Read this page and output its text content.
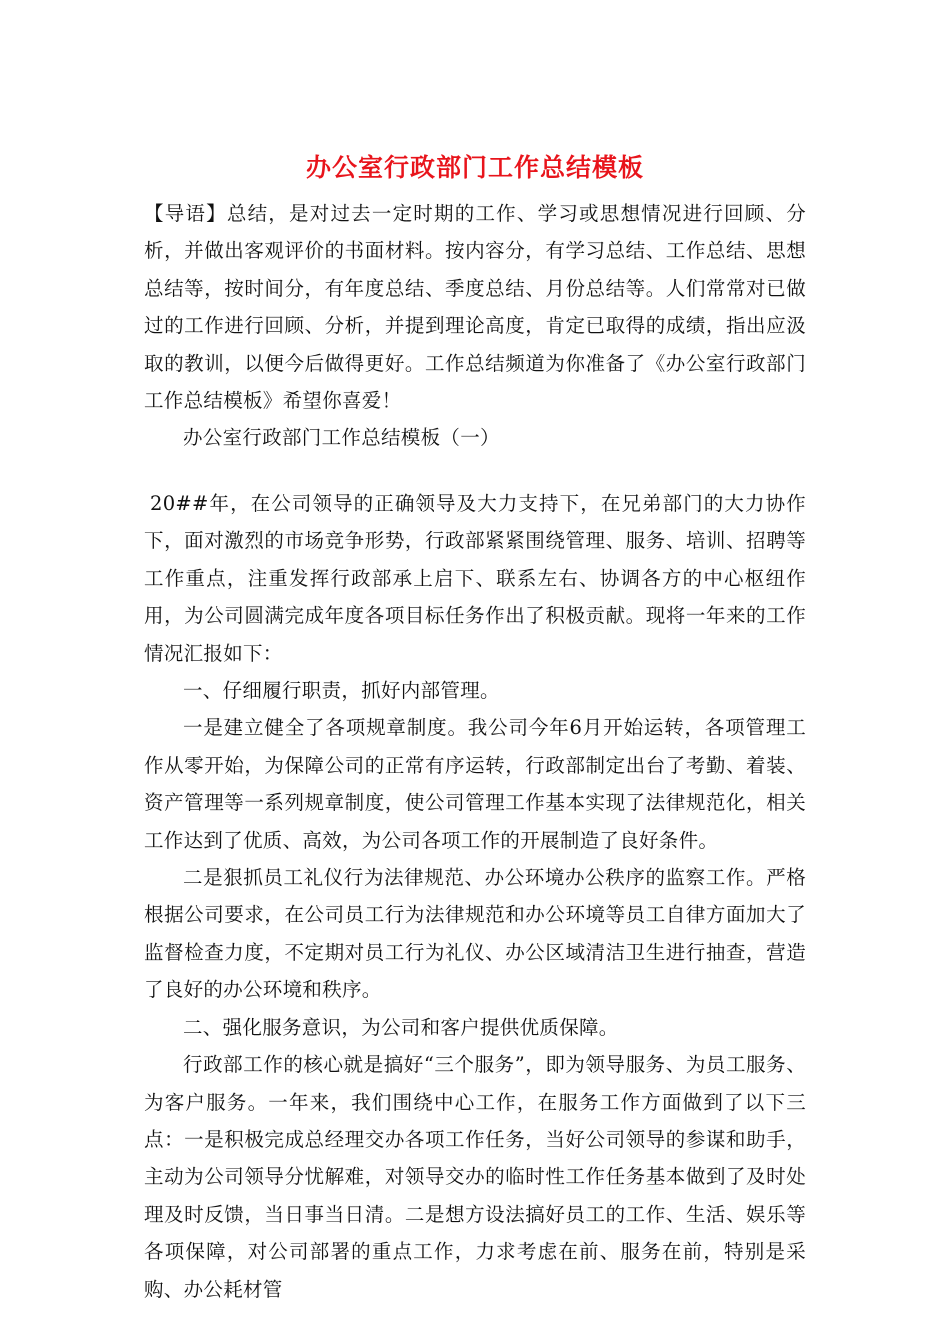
办公室行政部门工作总结模板

【导语】总结，是对过去一定时期的工作、学习或思想情况进行回顾、分析，并做出客观评价的书面材料。按内容分，有学习总结、工作总结、思想总结等，按时间分，有年度总结、季度总结、月份总结等。人们常常对已做过的工作进行回顾、分析，并提到理论高度，肯定已取得的成绩，指出应汲取的教训，以便今后做得更好。工作总结频道为你准备了《办公室行政部门工作总结模板》希望你喜爱！

办公室行政部门工作总结模板（一）

20##年，在公司领导的正确领导及大力支持下，在兄弟部门的大力协作下，面对激烈的市场竞争形势，行政部紧紧围绕管理、服务、培训、招聘等工作重点，注重发挥行政部承上启下、联系左右、协调各方的中心枢纽作用，为公司圆满完成年度各项目标任务作出了积极贡献。现将一年来的工作情况汇报如下：

一、仔细履行职责，抓好内部管理。

一是建立健全了各项规章制度。我公司今年6月开始运转，各项管理工作从零开始，为保障公司的正常有序运转，行政部制定出台了考勤、着装、资产管理等一系列规章制度，使公司管理工作基本实现了法律规范化，相关工作达到了优质、高效，为公司各项工作的开展制造了良好条件。

二是狠抓员工礼仪行为法律规范、办公环境办公秩序的监察工作。严格根据公司要求，在公司员工行为法律规范和办公环境等员工自律方面加大了监督检查力度，不定期对员工行为礼仪、办公区域清洁卫生进行抽查，营造了良好的办公环境和秩序。

二、强化服务意识，为公司和客户提供优质保障。

行政部工作的核心就是搞好“三个服务”，即为领导服务、为员工服务、为客户服务。一年来，我们围绕中心工作，在服务工作方面做到了以下三点：一是积极完成总经理交办各项工作任务，当好公司领导的参谋和助手，主动为公司领导分忧解难，对领导交办的临时性工作任务基本做到了及时处理及时反馈，当日事当日清。二是想方设法搞好员工的工作、生活、娱乐等各项保障，对公司部署的重点工作，力求考虑在前、服务在前，特别是采购、办公耗材管
